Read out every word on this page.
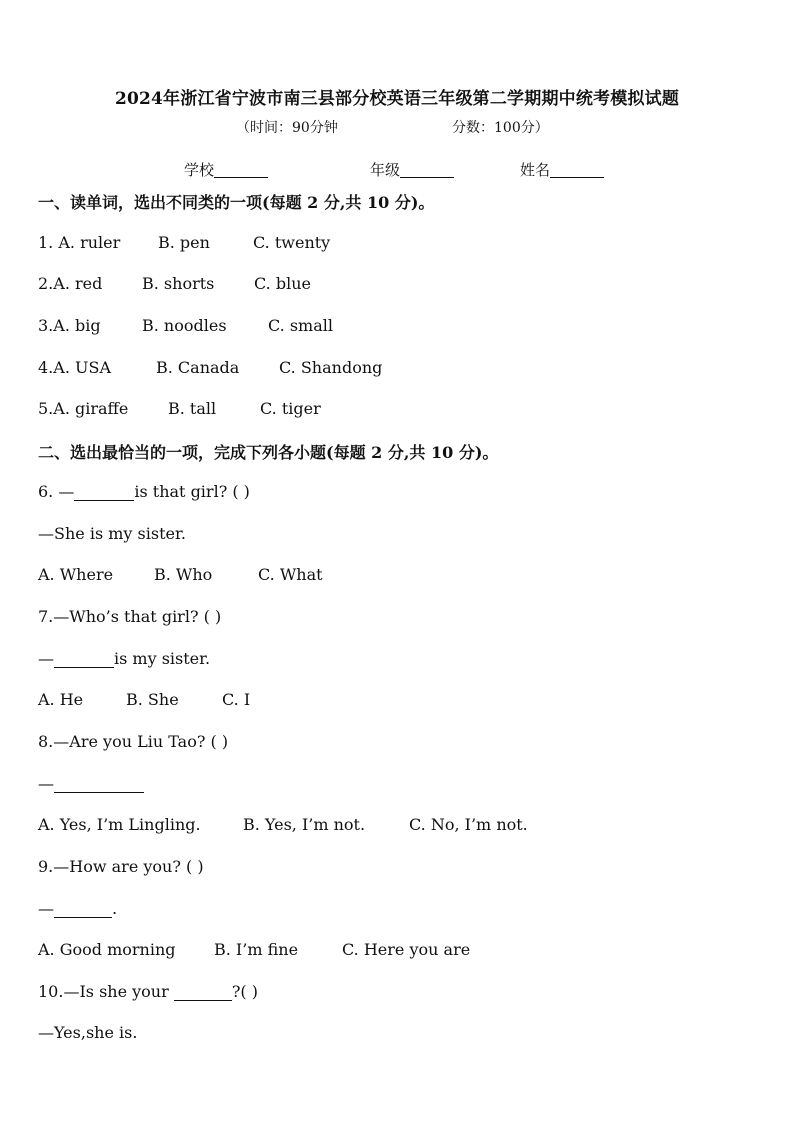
2024年浙江省宁波市南三县部分校英语三年级第二学期期中统考模拟试题
（时间：90分钟	分数：100分）
学校	年级	姓名
一、读单词，选出不同类的一项(每题 2 分,共 10 分)。
1. A. ruler B. pen	C. twenty
2.A. red B. shorts C. blue
3.A. big	B. noodles	C. small
4.A. USA	B. Canada C. Shandong
5.A. giraffe B. tall	C. tiger
二、选出最恰当的一项，完成下列各小题(每题 2 分,共 10 分)。
6. —	is that girl? ( )
—She is my sister.
A. Where	B. Who	C. What
7.—Who’s that girl? ( )
—	is my sister.
A. He	B. She	C. I
8.—Are you Liu Tao? ( )
—
A. Yes, I’m Lingling.	B. Yes, I’m not.	C. No, I’m not.
9.—How are you? ( )
—	.
A. Good morning B. I’m fine	C. Here you are
10.—Is she your	?( )
—Yes,she is.
